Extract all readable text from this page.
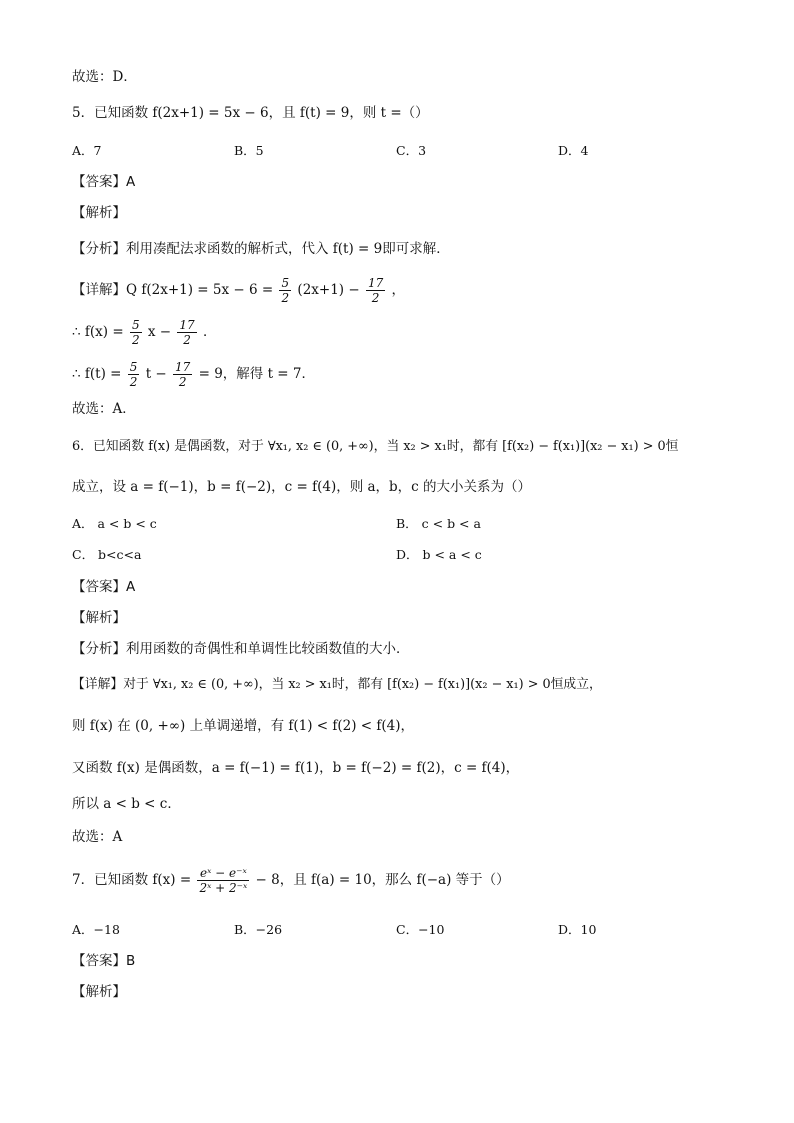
故选：D．
5．已知函数 f(2x+1) = 5x − 6，且 f(t) = 9，则 t =（）
A．7	B．5	C．3	D．4
【答案】A
【解析】
【分析】利用凑配法求函数的解析式，代入 f(t) = 9即可求解．
【详解】Q $f(2x+1) = 5x - 6 = \frac{5}{2} (2x+1) - \frac{17}{2}$ ，
∴ $f(x) = \frac{5}{2}$ $x - \frac{17}{2}$ ．
∴ $f(t) = \frac{5}{2}$ $t - \frac{17}{2} = 9$，解得 t = 7．
故选：A．
6．已知函数 f(x) 是偶函数，对于 ∀x₁, x₂ ∈ (0, +∞)，当 x₂ > x₁时，都有 [f(x₂) − f(x₁)](x₂ − x₁) > 0恒
成立，设 a = f(−1)，b = f(−2)，c = f(4)，则 a，b，c 的大小关系为（）
A． a < b < c	B． c < b < a
C． b<c<a	D． b < a < c
【答案】A
【解析】
【分析】利用函数的奇偶性和单调性比较函数值的大小．
【详解】对于 ∀x₁, x₂ ∈ (0, +∞)，当 x₂ > x₁时，都有 [f(x₂) − f(x₁)](x₂ − x₁) > 0恒成立，
则 f(x) 在 (0, +∞) 上单调递增，有 f(1) < f(2) < f(4)，
又函数 f(x) 是偶函数，a = f(−1) = f(1)，b = f(−2) = f(2)，c = f(4)，
所以 a < b < c．
故选：A
7．已知函数 $f(x) = \frac{\text{eˣ − e⁻ˣ}}{\text{2ˣ + 2⁻ˣ}} - 8$，且 f(a) = 10，那么 f(−a) 等于（）
A．−18	B．−26	C．−10	D．10
【答案】B
【解析】
